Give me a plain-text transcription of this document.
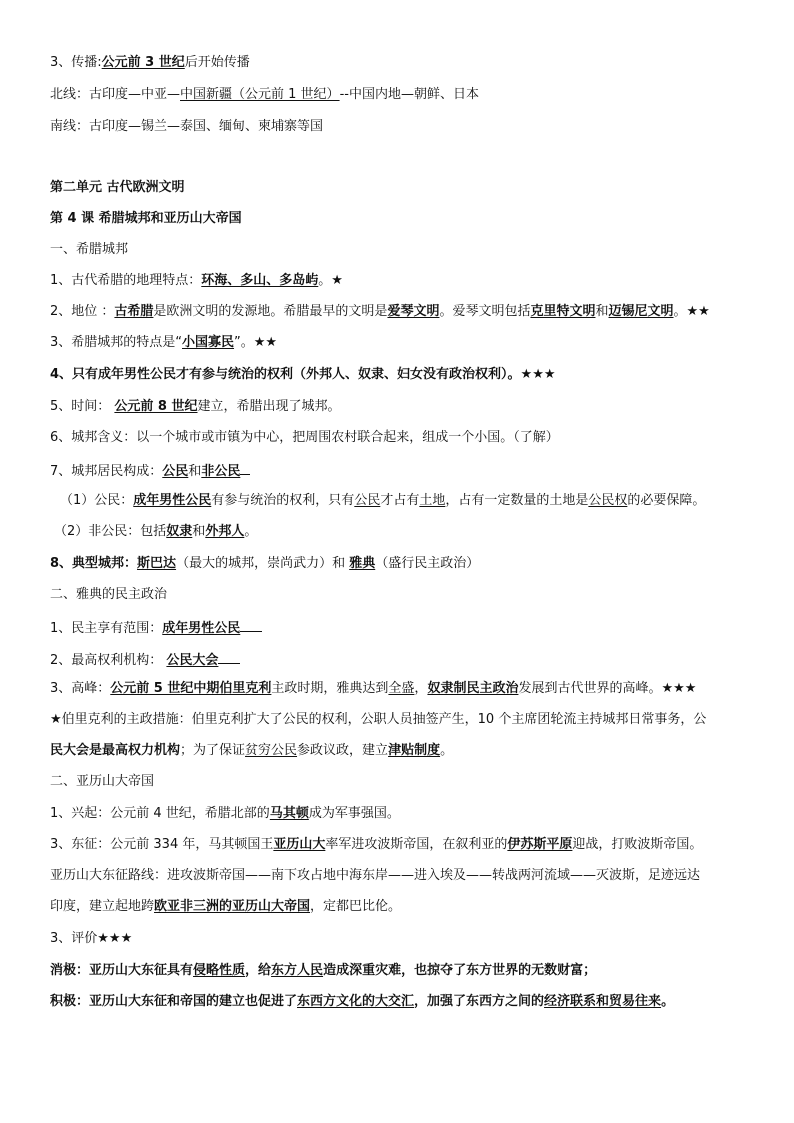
3、传播:公元前 3 世纪后开始传播
北线：古印度—中亚—中国新疆（公元前 1 世纪）--中国内地—朝鲜、日本
南线：古印度—锡兰—泰国、缅甸、柬埔寨等国
第二单元 古代欧洲文明
第 4 课 希腊城邦和亚历山大帝国
一、希腊城邦
1、古代希腊的地理特点：环海、多山、多岛屿。★
2、地位 ：古希腊是欧洲文明的发源地。希腊最早的文明是爱琴文明。爱琴文明包括克里特文明和迈锡尼文明。★★
3、希腊城邦的特点是“小国寡民”。★★
4、只有成年男性公民才有参与统治的权利（外邦人、奴隶、妇女没有政治权利）。★★★
5、时间： 公元前 8 世纪建立，希腊出现了城邦。
6、城邦含义：以一个城市或市镇为中心，把周围农村联合起来，组成一个小国。（了解）
7、城邦居民构成：公民和非公民
（1）公民：成年男性公民有参与统治的权利，只有公民才占有土地，占有一定数量的土地是公民权的必要保障。
（2）非公民：包括奴隶和外邦人。
8、典型城邦：斯巴达（最大的城邦，崇尚武力）和 雅典（盛行民主政治）
二、雅典的民主政治
1、民主享有范围：成年男性公民
2、最高权利机构： 公民大会
3、高峰：公元前 5 世纪中期伯里克利主政时期，雅典达到全盛，奴隶制民主政治发展到古代世界的高峰。★★★
★伯里克利的主政措施：伯里克利扩大了公民的权利，公职人员抽签产生，10 个主席团轮流主持城邦日常事务，公
民大会是最高权力机构；为了保证贫穷公民参政议政，建立津贴制度。
二、亚历山大帝国
1、兴起：公元前 4 世纪，希腊北部的马其顿成为军事强国。
3、东征：公元前 334 年，马其顿国王亚历山大率军进攻波斯帝国，在叙利亚的伊苏斯平原迎战，打败波斯帝国。
亚历山大东征路线：进攻波斯帝国——南下攻占地中海东岸——进入埃及——转战两河流域——灭波斯，足迹远达
印度，建立起地跨欧亚非三洲的亚历山大帝国，定都巴比伦。
3、评价★★★
消极：亚历山大东征具有侵略性质，给东方人民造成深重灾难，也掠夺了东方世界的无数财富；
积极：亚历山大东征和帝国的建立也促进了东西方文化的大交汇，加强了东西方之间的经济联系和贸易往来。
